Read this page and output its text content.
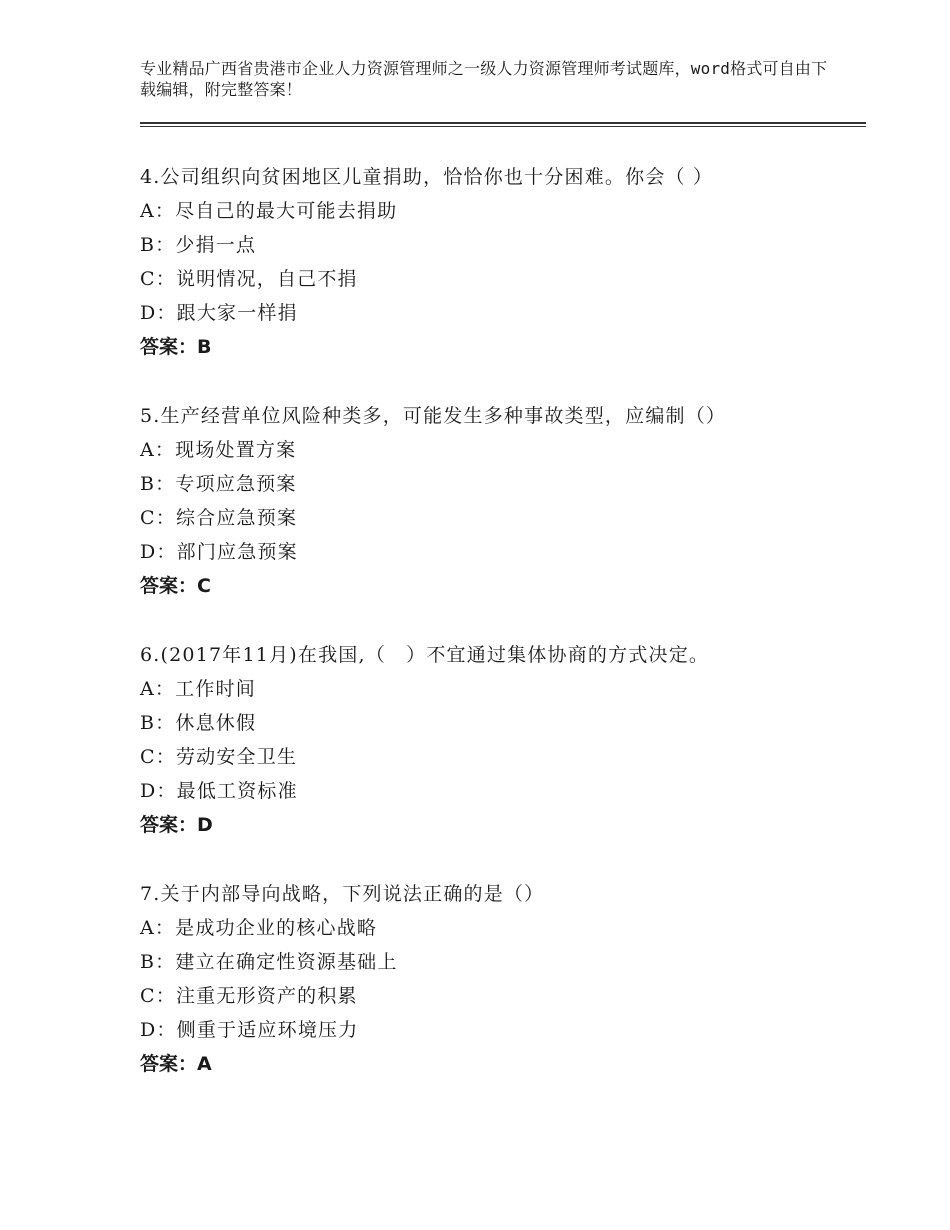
专业精品广西省贵港市企业人力资源管理师之一级人力资源管理师考试题库，word格式可自由下载编辑，附完整答案！
4.公司组织向贫困地区儿童捐助，恰恰你也十分困难。你会（ ）
A：尽自己的最大可能去捐助
B：少捐一点
C：说明情况，自己不捐
D：跟大家一样捐
答案：B
5.生产经营单位风险种类多，可能发生多种事故类型，应编制（）
A：现场处置方案
B：专项应急预案
C：综合应急预案
D：部门应急预案
答案：C
6.(2017年11月)在我国,（　）不宜通过集体协商的方式决定。
A：工作时间
B：休息休假
C：劳动安全卫生
D：最低工资标准
答案：D
7.关于内部导向战略，下列说法正确的是（）
A：是成功企业的核心战略
B：建立在确定性资源基础上
C：注重无形资产的积累
D：侧重于适应环境压力
答案：A
